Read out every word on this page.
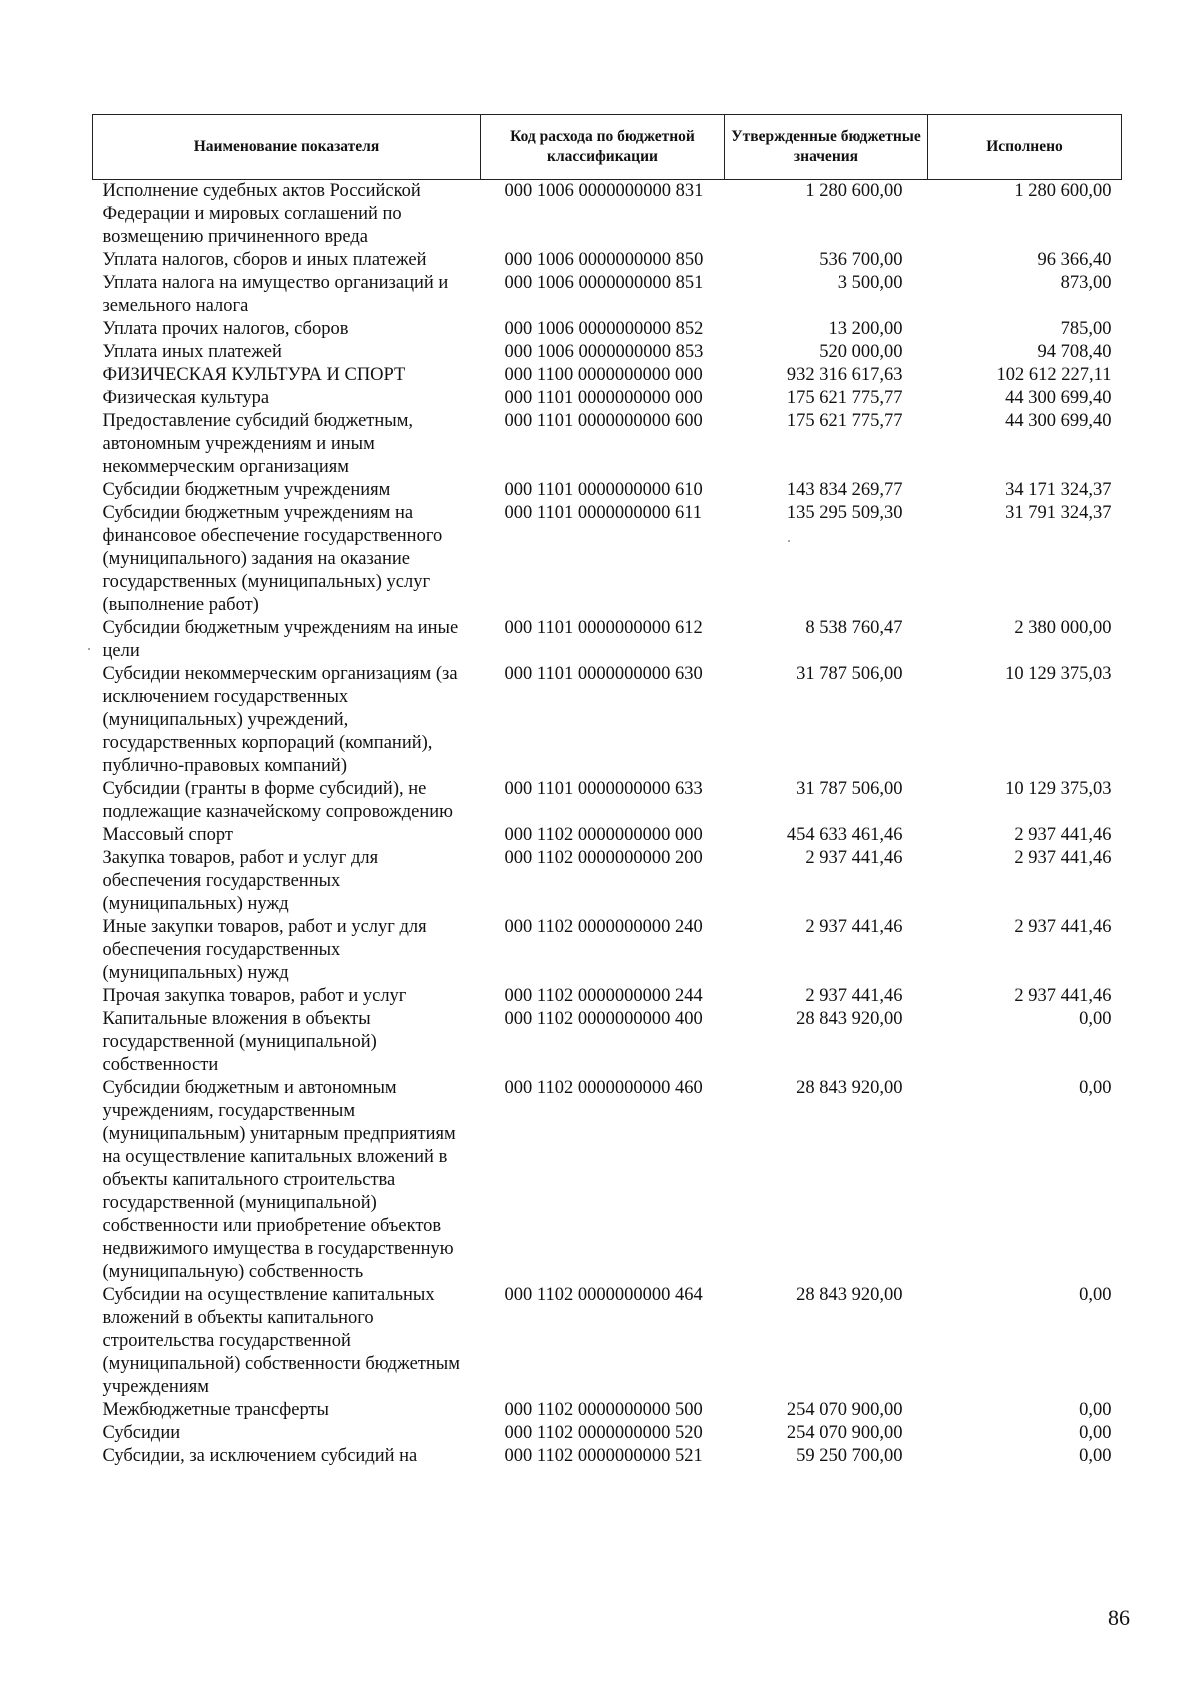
Наименование показателя	Код расхода по бюджетной классификации	Утвержденные бюджетные значения	Исполнено
Исполнение судебных актов Российской Федерации и мировых соглашений по возмещению причиненного вреда	000 1006 0000000000 831	1 280 600,00	1 280 600,00
Уплата налогов, сборов и иных платежей	000 1006 0000000000 850	536 700,00	96 366,40
Уплата налога на имущество организаций и земельного налога	000 1006 0000000000 851	3 500,00	873,00
Уплата прочих налогов, сборов	000 1006 0000000000 852	13 200,00	785,00
Уплата иных платежей	000 1006 0000000000 853	520 000,00	94 708,40
ФИЗИЧЕСКАЯ КУЛЬТУРА И СПОРТ	000 1100 0000000000 000	932 316 617,63	102 612 227,11
Физическая культура	000 1101 0000000000 000	175 621 775,77	44 300 699,40
Предоставление субсидий бюджетным, автономным учреждениям и иным некоммерческим организациям	000 1101 0000000000 600	175 621 775,77	44 300 699,40
Субсидии бюджетным учреждениям	000 1101 0000000000 610	143 834 269,77	34 171 324,37
Субсидии бюджетным учреждениям на финансовое обеспечение государственного (муниципального) задания на оказание государственных (муниципальных) услуг (выполнение работ)	000 1101 0000000000 611	135 295 509,30	31 791 324,37
Субсидии бюджетным учреждениям на иные цели	000 1101 0000000000 612	8 538 760,47	2 380 000,00
Субсидии некоммерческим организациям (за исключением государственных (муниципальных) учреждений, государственных корпораций (компаний), публично-правовых компаний)	000 1101 0000000000 630	31 787 506,00	10 129 375,03
Субсидии (гранты в форме субсидий), не подлежащие казначейскому сопровождению	000 1101 0000000000 633	31 787 506,00	10 129 375,03
Массовый спорт	000 1102 0000000000 000	454 633 461,46	2 937 441,46
Закупка товаров, работ и услуг для обеспечения государственных (муниципальных) нужд	000 1102 0000000000 200	2 937 441,46	2 937 441,46
Иные закупки товаров, работ и услуг для обеспечения государственных (муниципальных) нужд	000 1102 0000000000 240	2 937 441,46	2 937 441,46
Прочая закупка товаров, работ и услуг	000 1102 0000000000 244	2 937 441,46	2 937 441,46
Капитальные вложения в объекты государственной (муниципальной) собственности	000 1102 0000000000 400	28 843 920,00	0,00
Субсидии бюджетным и автономным учреждениям, государственным (муниципальным) унитарным предприятиям на осуществление капитальных вложений в объекты капитального строительства государственной (муниципальной) собственности или приобретение объектов недвижимого имущества в государственную (муниципальную) собственность	000 1102 0000000000 460	28 843 920,00	0,00
Субсидии на осуществление капитальных вложений в объекты капитального строительства государственной (муниципальной) собственности бюджетным учреждениям	000 1102 0000000000 464	28 843 920,00	0,00
Межбюджетные трансферты	000 1102 0000000000 500	254 070 900,00	0,00
Субсидии	000 1102 0000000000 520	254 070 900,00	0,00
Субсидии, за исключением субсидий на	000 1102 0000000000 521	59 250 700,00	0,00
86
